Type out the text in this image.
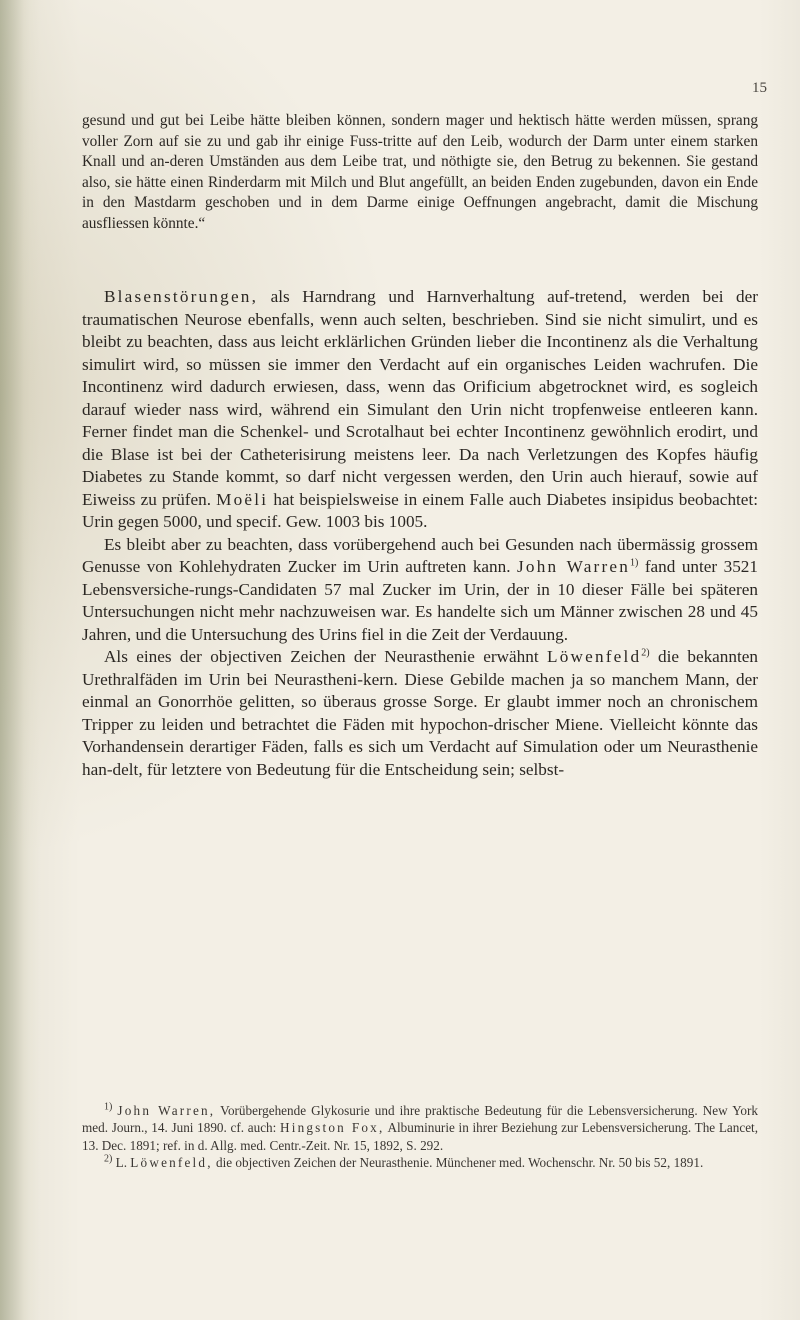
15

gesund und gut bei Leibe hätte bleiben können, sondern mager und hektisch hätte werden müssen, sprang voller Zorn auf sie zu und gab ihr einige Fuss-tritte auf den Leib, wodurch der Darm unter einem starken Knall und an-deren Umständen aus dem Leibe trat, und nöthigte sie, den Betrug zu bekennen. Sie gestand also, sie hätte einen Rinderdarm mit Milch und Blut angefüllt, an beiden Enden zugebunden, davon ein Ende in den Mastdarm geschoben und in dem Darme einige Oeffnungen angebracht, damit die Mischung ausfliessen könnte.“

Blasenstörungen, als Harndrang und Harnverhaltung auf-tretend, werden bei der traumatischen Neurose ebenfalls, wenn auch selten, beschrieben. Sind sie nicht simulirt, und es bleibt zu beachten, dass aus leicht erklärlichen Gründen lieber die Incontinenz als die Verhaltung simulirt wird, so müssen sie immer den Verdacht auf ein organisches Leiden wachrufen. Die Incontinenz wird dadurch erwiesen, dass, wenn das Orificium abgetrocknet wird, es sogleich darauf wieder nass wird, während ein Simulant den Urin nicht tropfenweise entleeren kann. Ferner findet man die Schenkel- und Scrotalhaut bei echter Incontinenz gewöhnlich erodirt, und die Blase ist bei der Catheterisirung meistens leer. Da nach Verletzungen des Kopfes häufig Diabetes zu Stande kommt, so darf nicht vergessen werden, den Urin auch hierauf, sowie auf Eiweiss zu prüfen. Moëli hat beispielsweise in einem Falle auch Diabetes insipidus beobachtet: Urin gegen 5000, und specif. Gew. 1003 bis 1005.

Es bleibt aber zu beachten, dass vorübergehend auch bei Gesunden nach übermässig grossem Genusse von Kohlehydraten Zucker im Urin auftreten kann. John Warren$^{1)}$ fand unter 3521 Lebensversiche-rungs-Candidaten 57 mal Zucker im Urin, der in 10 dieser Fälle bei späteren Untersuchungen nicht mehr nachzuweisen war. Es handelte sich um Männer zwischen 28 und 45 Jahren, und die Untersuchung des Urins fiel in die Zeit der Verdauung.

Als eines der objectiven Zeichen der Neurasthenie erwähnt Löwenfeld$^{2)}$ die bekannten Urethralfäden im Urin bei Neurastheni-kern. Diese Gebilde machen ja so manchem Mann, der einmal an Gonorrhöe gelitten, so überaus grosse Sorge. Er glaubt immer noch an chronischem Tripper zu leiden und betrachtet die Fäden mit hypochon-drischer Miene. Vielleicht könnte das Vorhandensein derartiger Fäden, falls es sich um Verdacht auf Simulation oder um Neurasthenie han-delt, für letztere von Bedeutung für die Entscheidung sein; selbst-

$^{1)}$ John Warren, Vorübergehende Glykosurie und ihre praktische Bedeutung für die Lebensversicherung. New York med. Journ., 14. Juni 1890. cf. auch: Hingston Fox, Albuminurie in ihrer Beziehung zur Lebensversicherung. The Lancet, 13. Dec. 1891; ref. in d. Allg. med. Centr.-Zeit. Nr. 15, 1892, S. 292.

$^{2)}$ L. Löwenfeld, die objectiven Zeichen der Neurasthenie. Münchener med. Wochenschr. Nr. 50 bis 52, 1891.
